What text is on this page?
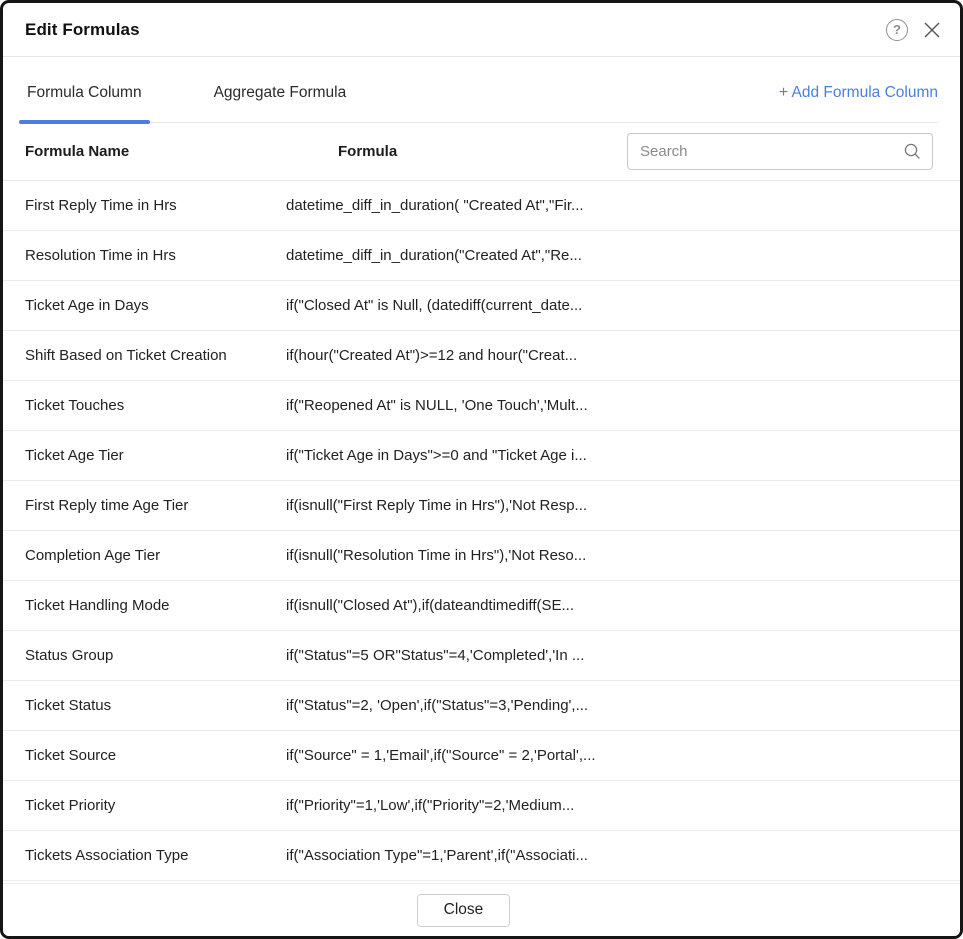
Edit Formulas	?
Formula Column	Aggregate Formula	+ Add Formula Column
Formula Name	Formula
Search
First Reply Time in Hrs	datetime_diff_in_duration( "Created At","Fir...
Resolution Time in Hrs	datetime_diff_in_duration("Created At","Re...
Ticket Age in Days	if("Closed At" is Null, (datediff(current_date...
Shift Based on Ticket Creation	if(hour("Created At")>=12 and hour("Creat...
Ticket Touches	if("Reopened At" is NULL, 'One Touch','Mult...
Ticket Age Tier	if("Ticket Age in Days">=0 and "Ticket Age i...
First Reply time Age Tier	if(isnull("First Reply Time in Hrs"),'Not Resp...
Completion Age Tier	if(isnull("Resolution Time in Hrs"),'Not Reso...
Ticket Handling Mode	if(isnull("Closed At"),if(dateandtimediff(SE...
Status Group	if("Status"=5 OR"Status"=4,'Completed','In ...
Ticket Status	if("Status"=2, 'Open',if("Status"=3,'Pending',...
Ticket Source	if("Source" = 1,'Email',if("Source" = 2,'Portal',...
Ticket Priority	if("Priority"=1,'Low',if("Priority"=2,'Medium...
Tickets Association Type	if("Association Type"=1,'Parent',if("Associati...
Close
